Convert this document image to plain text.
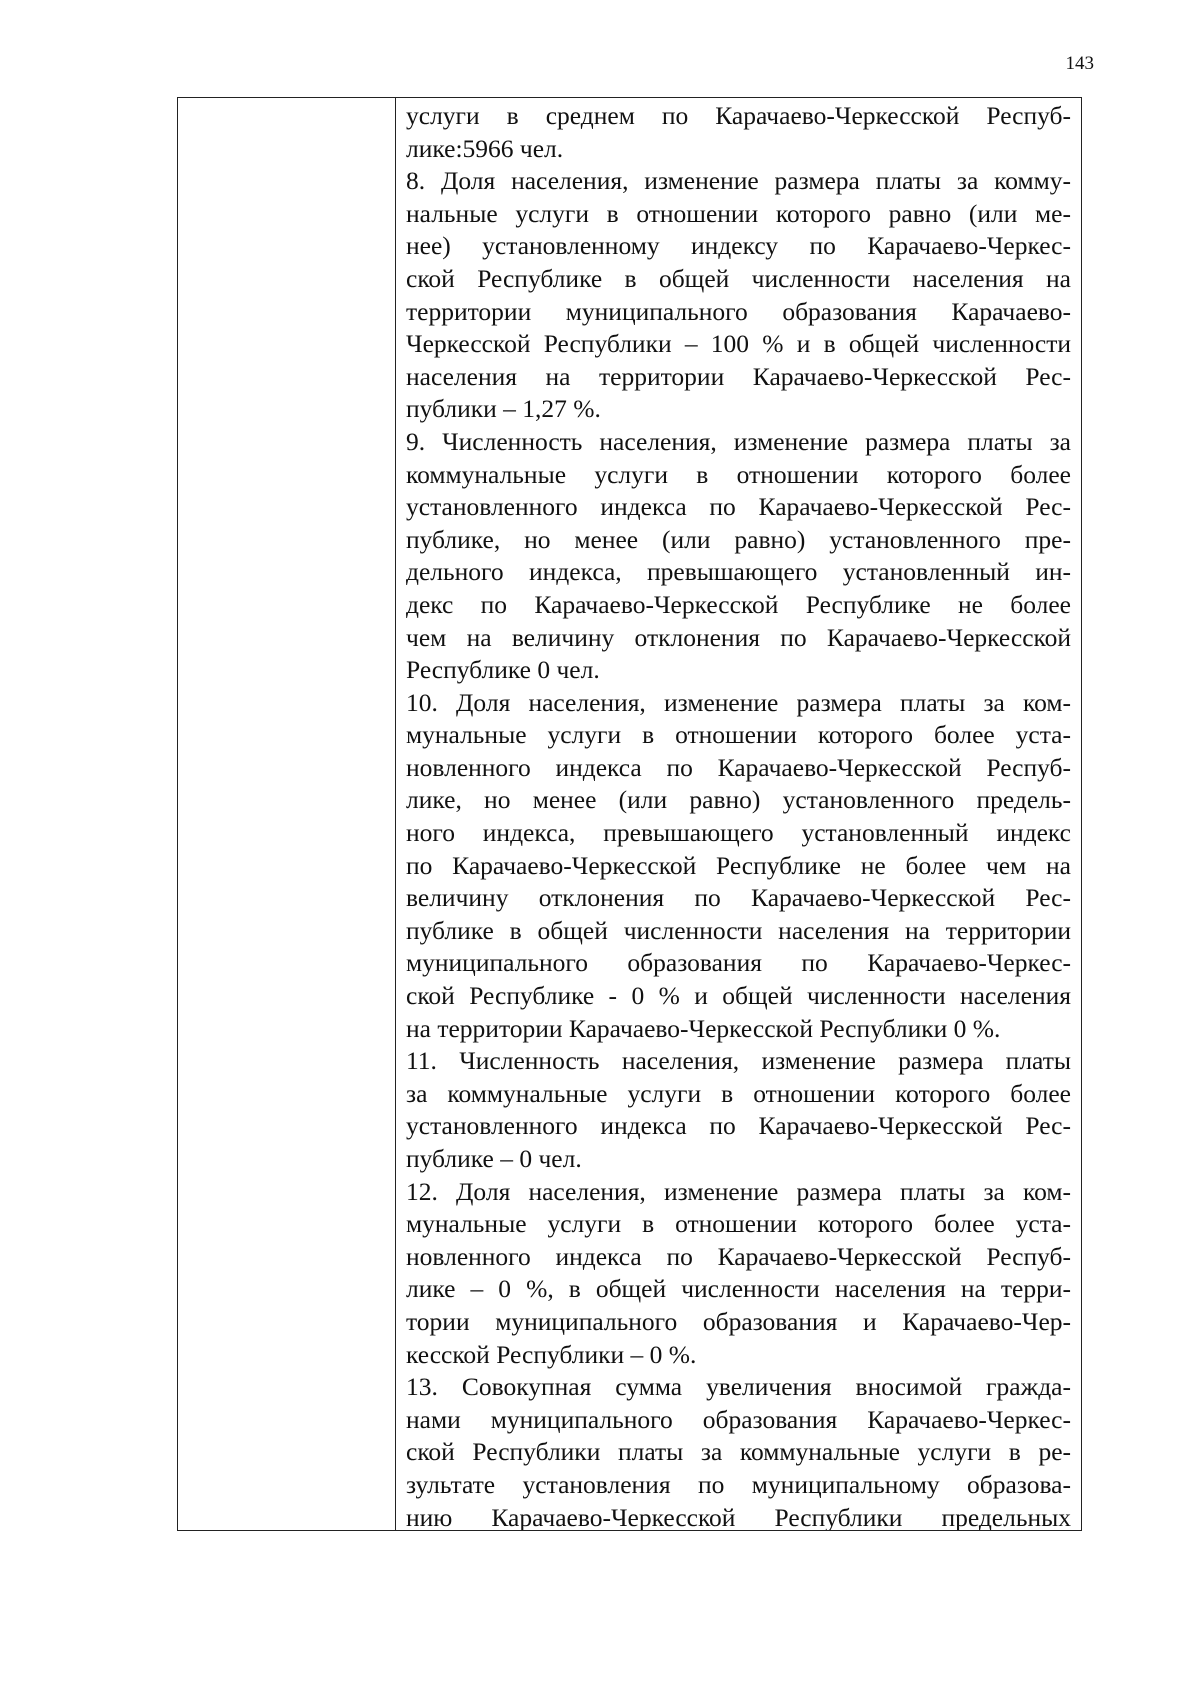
143
услуги в среднем по Карачаево-Черкесской Респуб-
лике:5966 чел.
8. Доля населения, изменение размера платы за комму-
нальные услуги в отношении которого равно (или ме-
нее) установленному индексу по Карачаево-Черкес-
ской Республике в общей численности населения на
территории муниципального образования Карачаево-
Черкесской Республики – 100 % и в общей численности
населения на территории Карачаево-Черкесской Рес-
публики – 1,27 %.
9. Численность населения, изменение размера платы за
коммунальные услуги в отношении которого более
установленного индекса по Карачаево-Черкесской Рес-
публике, но менее (или равно) установленного пре-
дельного индекса, превышающего установленный ин-
декс по Карачаево-Черкесской Республике не более
чем на величину отклонения по Карачаево-Черкесской
Республике 0 чел.
10. Доля населения, изменение размера платы за ком-
мунальные услуги в отношении которого более уста-
новленного индекса по Карачаево-Черкесской Респуб-
лике, но менее (или равно) установленного предель-
ного индекса, превышающего установленный индекс
по Карачаево-Черкесской Республике не более чем на
величину отклонения по Карачаево-Черкесской Рес-
публике в общей численности населения на территории
муниципального образования по Карачаево-Черкес-
ской Республике - 0 % и общей численности населения
на территории Карачаево-Черкесской Республики 0 %.
11. Численность населения, изменение размера платы
за коммунальные услуги в отношении которого более
установленного индекса по Карачаево-Черкесской Рес-
публике – 0 чел.
12. Доля населения, изменение размера платы за ком-
мунальные услуги в отношении которого более уста-
новленного индекса по Карачаево-Черкесской Респуб-
лике – 0 %, в общей численности населения на терри-
тории муниципального образования и Карачаево-Чер-
кесской Республики – 0 %.
13. Совокупная сумма увеличения вносимой гражда-
нами муниципального образования Карачаево-Черкес-
ской Республики платы за коммунальные услуги в ре-
зультате установления по муниципальному образова-
нию Карачаево-Черкесской Республики предельных
